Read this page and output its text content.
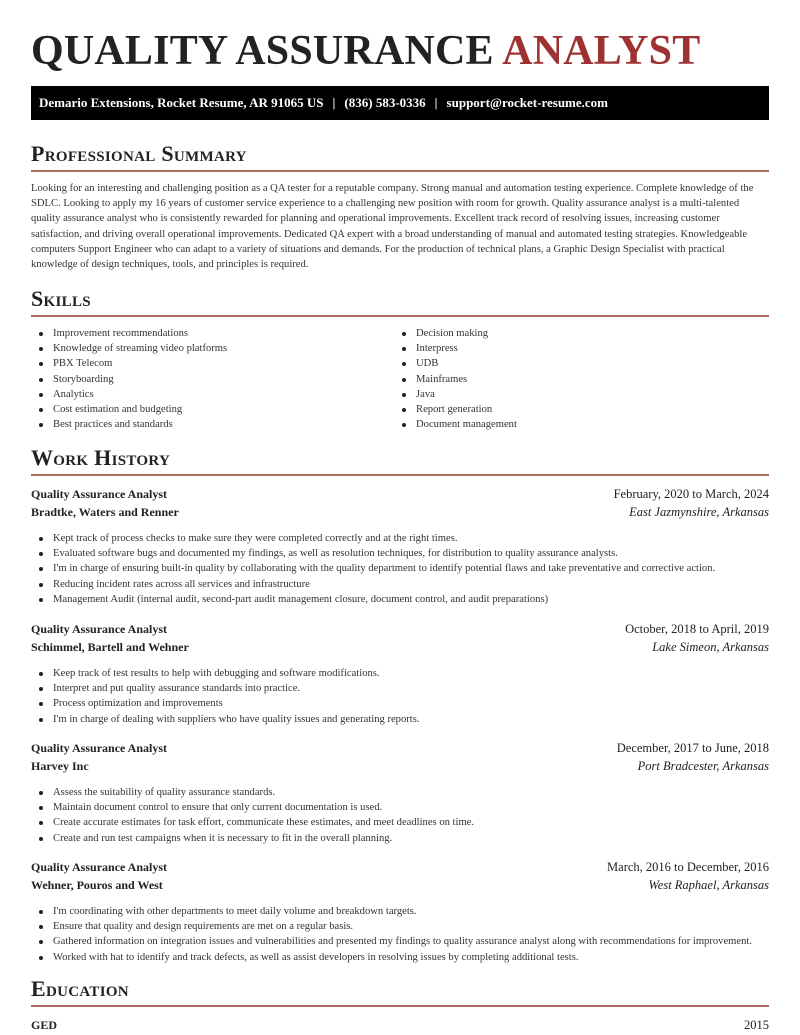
QUALITY ASSURANCE ANALYST
Demario Extensions, Rocket Resume, AR 91065 US | (836) 583-0336 | support@rocket-resume.com
Professional Summary

Looking for an interesting and challenging position as a QA tester for a reputable company. Strong manual and automation testing experience. Complete knowledge of the SDLC. Looking to apply my 16 years of customer service experience to a challenging new position with room for growth. Quality assurance analyst is a multi-talented quality assurance analyst who is consistently rewarded for planning and operational improvements. Excellent track record of resolving issues, increasing customer satisfaction, and driving overall operational improvements. Dedicated QA expert with a broad understanding of manual and automated testing strategies. Knowledgeable computers Support Engineer who can adapt to a variety of situations and demands. For the production of technical plans, a Graphic Design Specialist with practical knowledge of design techniques, tools, and principles is required.

Skills
Improvement recommendations
Knowledge of streaming video platforms
PBX Telecom
Storyboarding
Analytics
Cost estimation and budgeting
Best practices and standards
Decision making
Interpress
UDB
Mainframes
Java
Report generation
Document management
Work History
Quality Assurance Analyst	February, 2020 to March, 2024
Bradtke, Waters and Renner	East Jazmynshire, Arkansas
Kept track of process checks to make sure they were completed correctly and at the right times.
Evaluated software bugs and documented my findings, as well as resolution techniques, for distribution to quality assurance analysts.
I'm in charge of ensuring built-in quality by collaborating with the quality department to identify potential flaws and take preventative and corrective action.
Reducing incident rates across all services and infrastructure
Management Audit (internal audit, second-part audit management closure, document control, and audit preparations)
Quality Assurance Analyst	October, 2018 to April, 2019
Schimmel, Bartell and Wehner	Lake Simeon, Arkansas
Keep track of test results to help with debugging and software modifications.
Interpret and put quality assurance standards into practice.
Process optimization and improvements
I'm in charge of dealing with suppliers who have quality issues and generating reports.
Quality Assurance Analyst	December, 2017 to June, 2018
Harvey Inc	Port Bradcester, Arkansas
Assess the suitability of quality assurance standards.
Maintain document control to ensure that only current documentation is used.
Create accurate estimates for task effort, communicate these estimates, and meet deadlines on time.
Create and run test campaigns when it is necessary to fit in the overall planning.
Quality Assurance Analyst	March, 2016 to December, 2016
Wehner, Pouros and West	West Raphael, Arkansas
I'm coordinating with other departments to meet daily volume and breakdown targets.
Ensure that quality and design requirements are met on a regular basis.
Gathered information on integration issues and vulnerabilities and presented my findings to quality assurance analyst along with recommendations for improvement.
Worked with hat to identify and track defects, as well as assist developers in resolving issues by completing additional tests.
Education
GED	2015
